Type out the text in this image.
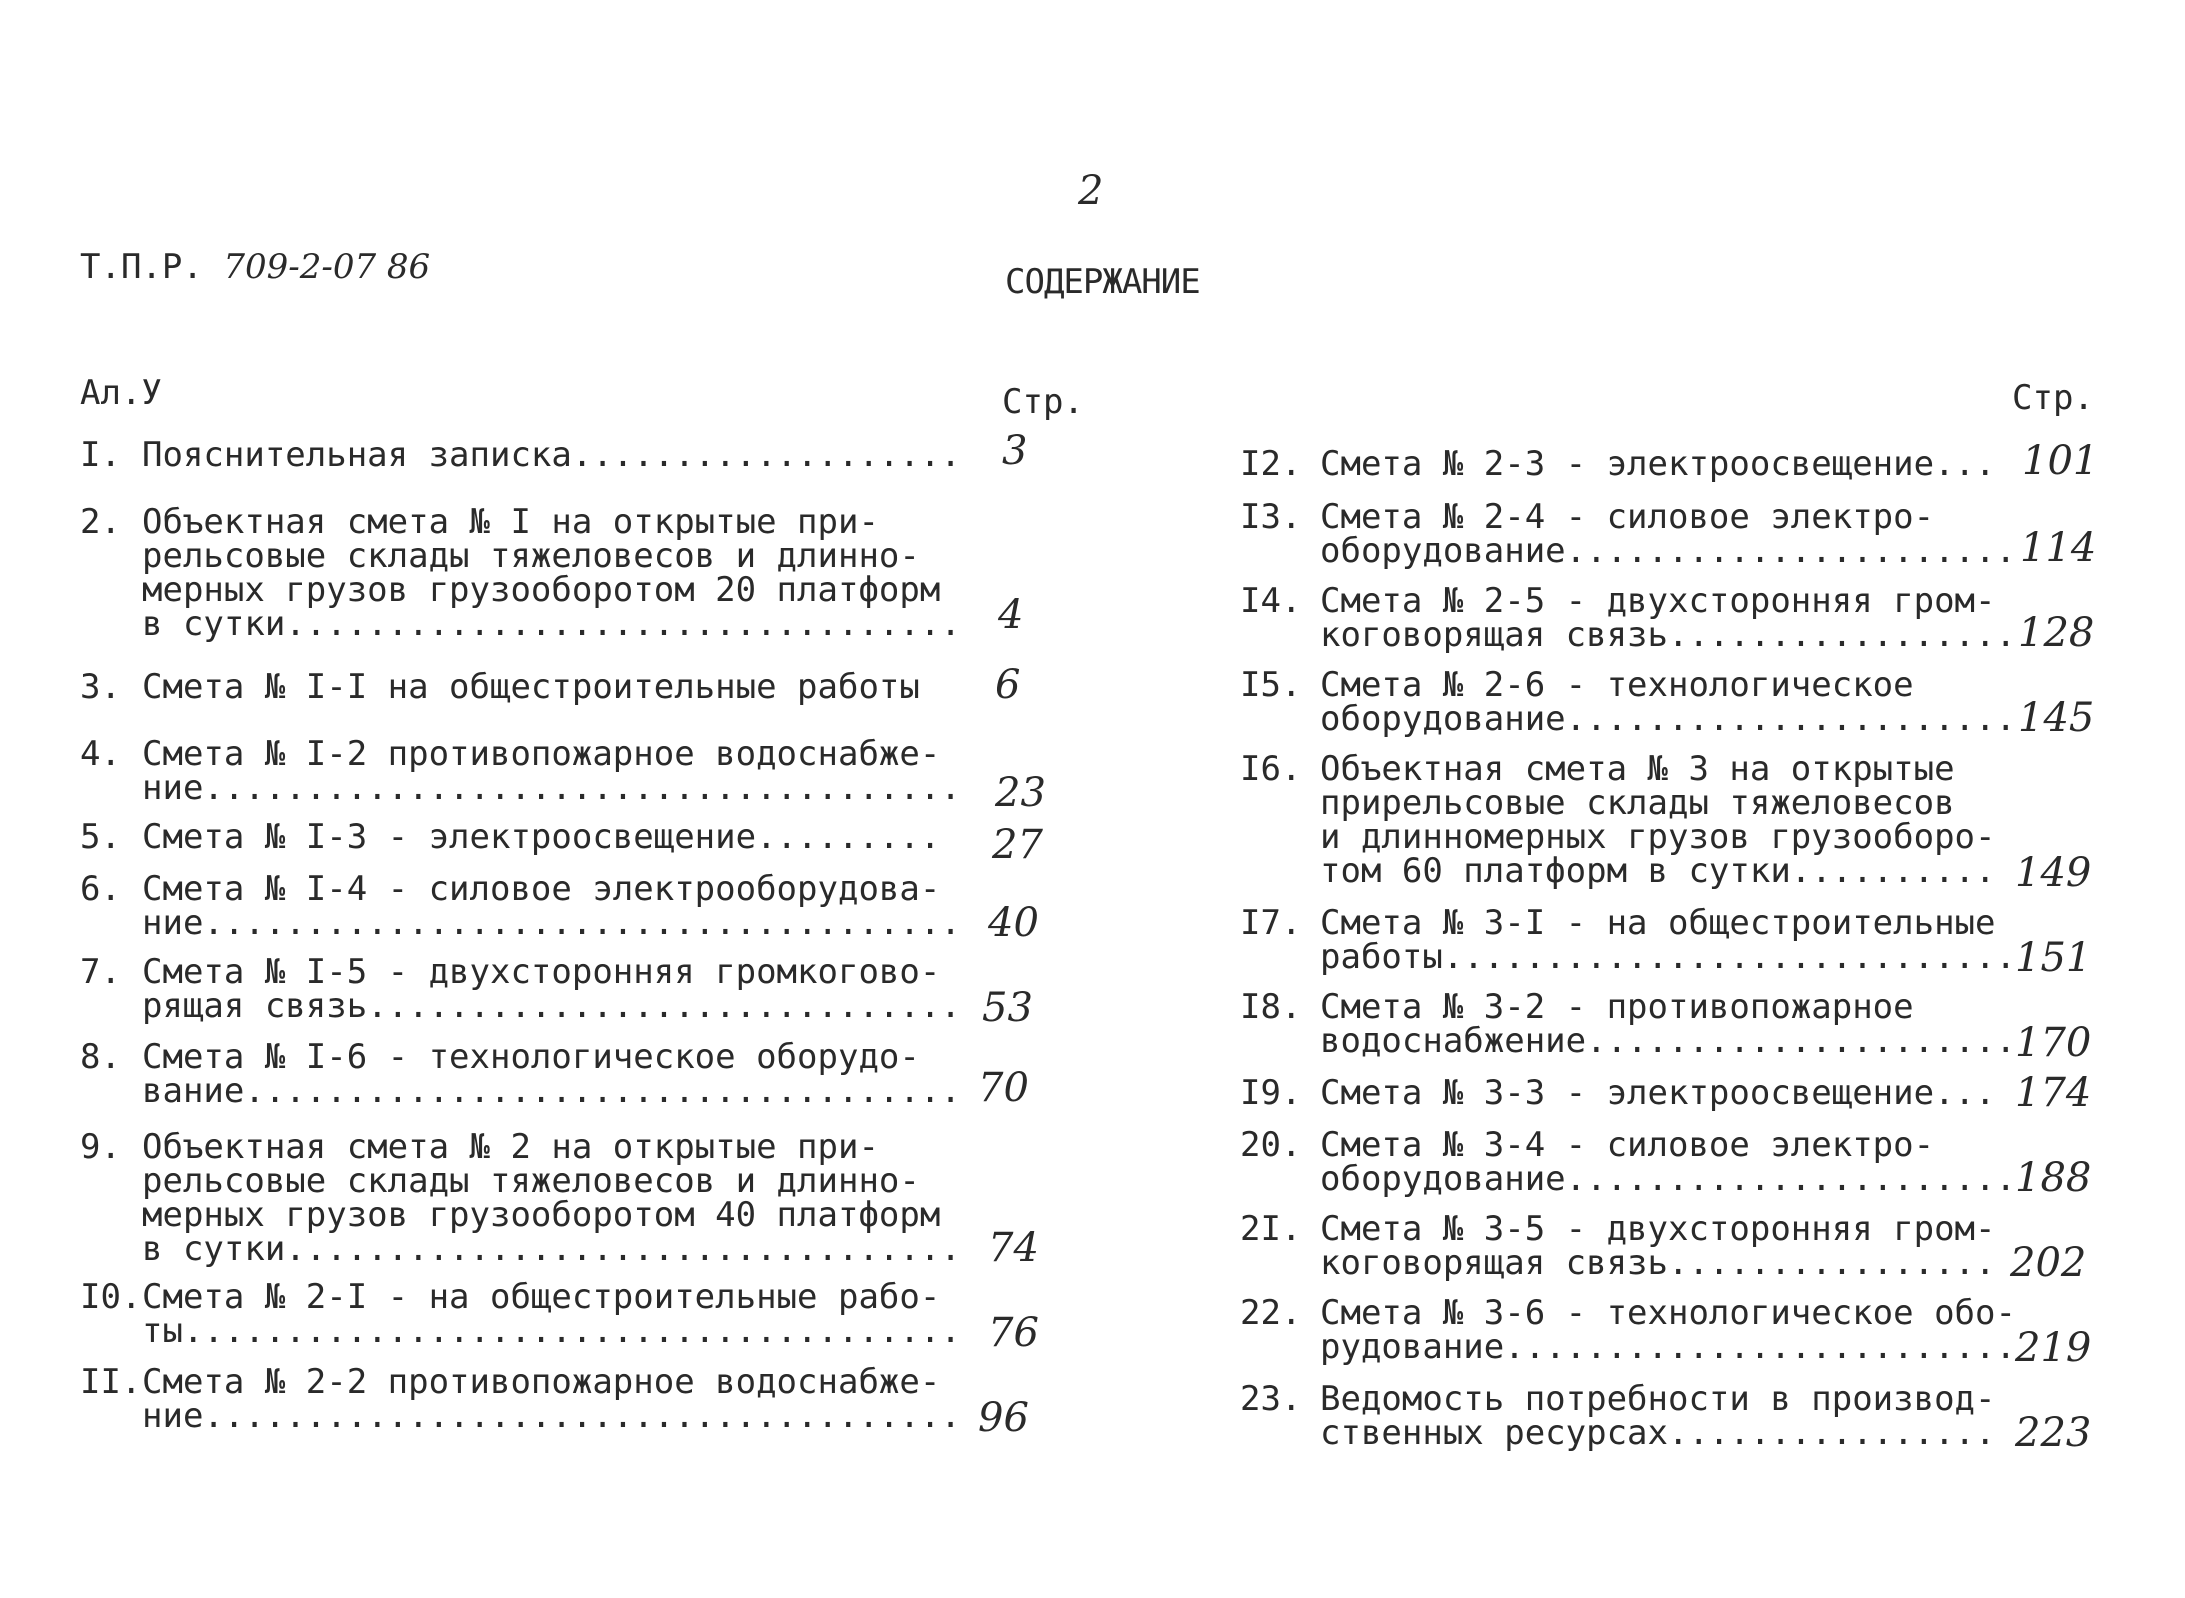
Т.П.Р. 709-2-07 86

Ал.У

2
СОДЕРЖАНИЕ
Стр.	Стр.
I. Пояснительная записка................... 3
2. Объектная смета № I на открытые при-
рельсовые склады тяжеловесов и длинно-
мерных грузов грузооборотом 20 платформ
в сутки................................. 4
3. Смета № I-I на общестроительные работы 6
4. Смета № I-2 противопожарное водоснабже-
ние..................................... 23
5. Смета № I-3 - электроосвещение......... 27
6. Смета № I-4 - силовое электрооборудова-
ние..................................... 40
7. Смета № I-5 - двухсторонняя громкогово-
рящая связь............................. 53
8. Смета № I-6 - технологическое оборудо-
вание................................... 70
9. Объектная смета № 2 на открытые при-
рельсовые склады тяжеловесов и длинно-
мерных грузов грузооборотом 40 платформ
в сутки................................. 74
I0. Смета № 2-I - на общестроительные рабо-
ты...................................... 76
II. Смета № 2-2 противопожарное водоснабже-
ние..................................... 96
I2. Смета № 2-3 - электроосвещение... 101
I3. Смета № 2-4 - силовое электро-
оборудование...................... 114
I4. Смета № 2-5 - двухсторонняя гром-
коговорящая связь................. 128
I5. Смета № 2-6 - технологическое
оборудование...................... 145
I6. Объектная смета № 3 на открытые
прирельсовые склады тяжеловесов
и длинномерных грузов грузооборо-
том 60 платформ в сутки.......... 149
I7. Смета № 3-I - на общестроительные
работы............................ 151
I8. Смета № 3-2 - противопожарное
водоснабжение..................... 170
I9. Смета № 3-3 - электроосвещение... 174
20. Смета № 3-4 - силовое электро-
оборудование...................... 188
2I. Смета № 3-5 - двухсторонняя гром-
коговорящая связь................ 202
22. Смета № 3-6 - технологическое обо-
рудование......................... 219
23. Ведомость потребности в производ-
ственных ресурсах................ 223
